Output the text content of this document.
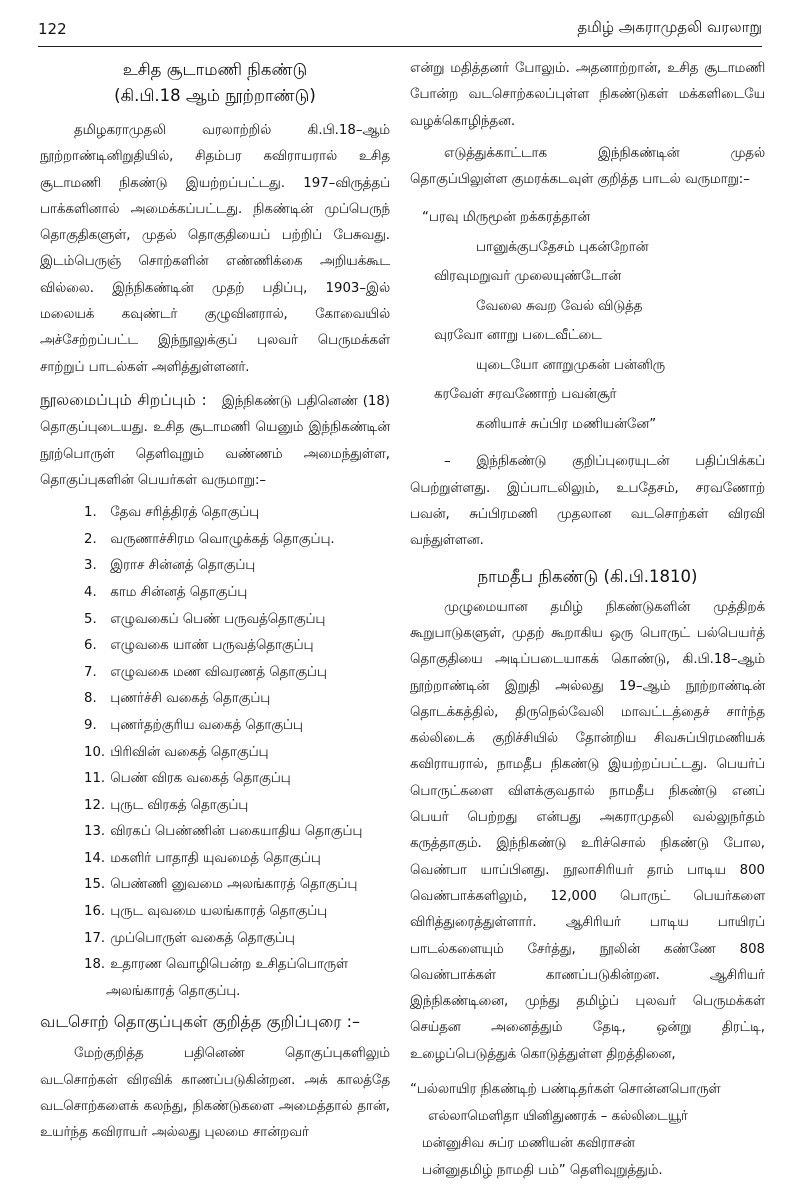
122	தமிழ் அகராமுதலி வரலாறு
உசித சூடாமணி நிகண்டு
(கி.பி.18 ஆம் நூற்றாண்டு)

தமிழகராமுதலி வரலாற்றில் கி.பி.18–ஆம் நூற்றாண்டினிறுதியில், சிதம்பர கவிராயரால் உசித சூடாமணி நிகண்டு இயற்றப்பட்டது. 197–விருத்தப் பாக்களினால் அமைக்கப்பட்டது. நிகண்டின் முப்பெருந் தொகுதிகளுள், முதல் தொகுதியைப் பற்றிப் பேசுவது. இடம்பெருஞ் சொற்களின் எண்ணிக்கை அறியக்கூட வில்லை. இந்நிகண்டின் முதற் பதிப்பு, 1903–இல் மலையக் கவுண்டர் குழுவினரால், கோவையில் அச்சேற்றப்பட்ட இந்நூலுக்குப் புலவர் பெருமக்கள் சாற்றுப் பாடல்கள் அளித்துள்ளனர்.

நூலமைப்பும் சிறப்பும் : இந்நிகண்டு பதினெண் (18) தொகுப்புடையது. உசித சூடாமணி யெனும் இந்நிகண்டின் நூற்பொருள் தெளிவுறும் வண்ணம் அமைந்துள்ள, தொகுப்புகளின் பெயர்கள் வருமாறு:–

1. தேவ சரித்திரத் தொகுப்பு
2. வருணாச்சிரம வொழுக்கத் தொகுப்பு.
3. இராச சின்னத் தொகுப்பு
4. காம சின்னத் தொகுப்பு
5. எழுவகைப் பெண் பருவத்தொகுப்பு
6. எழுவகை யாண் பருவத்தொகுப்பு
7. எழுவகை மண விவரணத் தொகுப்பு
8. புணர்ச்சி வகைத் தொகுப்பு
9. புணர்தற்குரிய வகைத் தொகுப்பு
10. பிரிவின் வகைத் தொகுப்பு
11. பெண் விரக வகைத் தொகுப்பு
12. புருட விரகத் தொகுப்பு
13. விரகப் பெண்ணின் பகையாதிய தொகுப்பு
14. மகளிர் பாதாதி யுவமைத் தொகுப்பு
15. பெண்ணி னுவமை அலங்காரத் தொகுப்பு
16. புருட வுவமை யலங்காரத் தொகுப்பு
17. முப்பொருள் வகைத் தொகுப்பு
18. உதாரண வொழிபென்ற உசிதப்பொருள்
அலங்காரத் தொகுப்பு.
வடசொற் தொகுப்புகள் குறித்த குறிப்புரை :–

மேற்குறித்த பதினெண் தொகுப்புகளிலும் வடசொற்கள் விரவிக் காணப்படுகின்றன. அக் காலத்தே வடசொற்களைக் கலந்து, நிகண்டுகளை அமைத்தால் தான், உயர்ந்த கவிராயர் அல்லது புலமை சான்றவர்

என்று மதித்தனர் போலும். அதனாற்றான், உசித சூடாமணி போன்ற வடசொற்கலப்புள்ள நிகண்டுகள் மக்களிடையே வழக்கொழிந்தன.

எடுத்துக்காட்டாக இந்நிகண்டின் முதல் தொகுப்பிலுள்ள குமரக்கடவுள் குறித்த பாடல் வருமாறு:–

“பரவு மிருமூன் றக்கரத்தான்
பானுக்குபதேசம் புகன்றோன்
விரவுமறுவர் முலையுண்டோன்
வேலை சுவற வேல் விடுத்த
வுரவோ னாறு படைவீட்டை
யுடையோ னாறுமுகன் பன்னிரு
கரவேள் சரவணோற் பவன்சூர்
கனியாச் சுப்பிர மணியன்னே”

– இந்நிகண்டு குறிப்புரையுடன் பதிப்பிக்கப் பெற்றுள்ளது. இப்பாடலிலும், உபதேசம், சரவணோற் பவன், சுப்பிரமணி முதலான வடசொற்கள் விரவி வந்துள்ளன.

நாமதீப நிகண்டு (கி.பி.1810)

முழுமையான தமிழ் நிகண்டுகளின் முத்திறக் கூறுபாடுகளுள், முதற் கூறாகிய ஒரு பொருட் பல்பெயர்த் தொகுதியை அடிப்படையாகக் கொண்டு, கி.பி.18–ஆம் நூற்றாண்டின் இறுதி அல்லது 19–ஆம் நூற்றாண்டின் தொடக்கத்தில், திருநெல்வேலி மாவட்டத்தைச் சார்ந்த கல்லிடைக் குறிச்சியில் தோன்றிய சிவசுப்பிரமணியக் கவிராயரால், நாமதீப நிகண்டு இயற்றப்பட்டது. பெயர்ப் பொருட்களை விளக்குவதால் நாமதீப நிகண்டு எனப் பெயர் பெற்றது என்பது அகராமுதலி வல்லுநர்தம் கருத்தாகும். இந்நிகண்டு உரிச்சொல் நிகண்டு போல, வெண்பா யாப்பினது. நூலாசிரியர் தாம் பாடிய 800 வெண்பாக்களிலும், 12,000 பொருட் பெயர்களை விரித்துரைத்துள்ளார். ஆசிரியர் பாடிய பாயிரப் பாடல்களையும் சேர்த்து, நூலின் கண்ணே 808 வெண்பாக்கள் காணப்படுகின்றன. ஆசிரியர் இந்நிகண்டினை, முந்து தமிழ்ப் புலவர் பெருமக்கள் செய்தன அனைத்தும் தேடி, ஒன்று திரட்டி, உழைப்பெடுத்துக் கொடுத்துள்ள திறத்தினை,

“பல்லாயிர நிகண்டிற் பண்டிதர்கள் சொன்னபொருள்
எல்லாமெளிதா யினிதுணரக் – கல்லிடையூர்
மன்னுசிவ சுப்ர மணியன் கவிராசன்
பன்னுதமிழ் நாமதி பம்” தெளிவுறுத்தும்.
